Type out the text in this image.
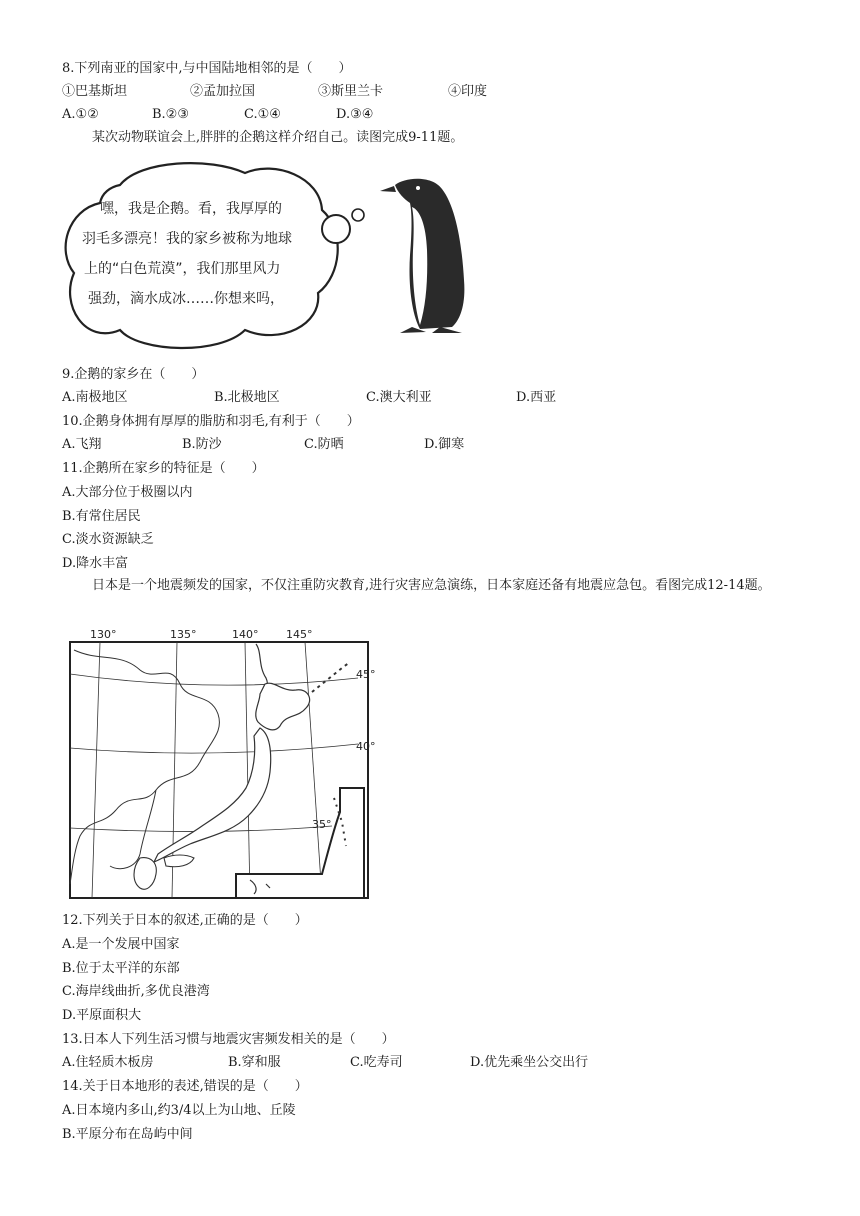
8.下列南亚的国家中,与中国陆地相邻的是（　　）
①巴基斯坦	②孟加拉国	③斯里兰卡	④印度
A.①②	B.②③	C.①④	D.③④
某次动物联谊会上,胖胖的企鹅这样介绍自己。读图完成9-11题。
嘿，我是企鹅。看，我厚厚的
羽毛多漂亮！我的家乡被称为地球
上的“白色荒漠”，我们那里风力
强劲，滴水成冰……你想来吗，
9.企鹅的家乡在（　　）
A.南极地区	B.北极地区	C.澳大利亚	D.西亚
10.企鹅身体拥有厚厚的脂肪和羽毛,有利于（　　）
A.飞翔	B.防沙	C.防晒	D.御寒
11.企鹅所在家乡的特征是（　　）
A.大部分位于极圈以内
B.有常住居民
C.淡水资源缺乏
D.降水丰富
日本是一个地震频发的国家，不仅注重防灾教育,进行灾害应急演练，日本家庭还备有地震应急包。看图完成12-14题。
130°	135°	140°	145°
45°
40°
35°
12.下列关于日本的叙述,正确的是（　　）
A.是一个发展中国家
B.位于太平洋的东部
C.海岸线曲折,多优良港湾
D.平原面积大
13.日本人下列生活习惯与地震灾害频发相关的是（　　）
A.住轻质木板房	B.穿和服	C.吃寿司	D.优先乘坐公交出行
14.关于日本地形的表述,错误的是（　　）
A.日本境内多山,约3/4以上为山地、丘陵
B.平原分布在岛屿中间
